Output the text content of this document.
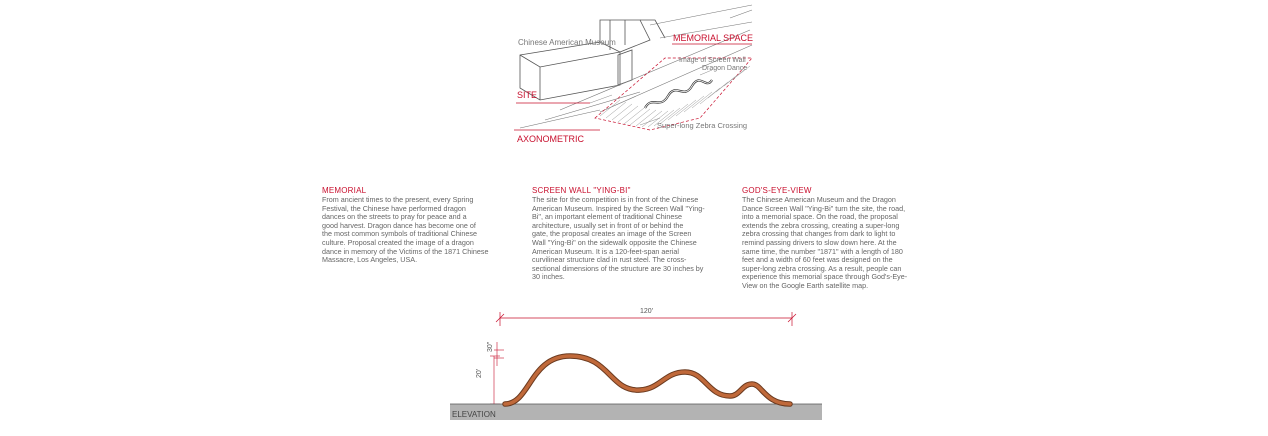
Chinese American Museum	MEMORIAL SPACE
Image of Screen Wall
Dragon Dance
SITE
Super-long Zebra Crossing
AXONOMETRIC
MEMORIAL
From ancient times to the present, every Spring
Festival, the Chinese have performed dragon
dances on the streets to pray for peace and a
good harvest. Dragon dance has become one of
the most common symbols of traditional Chinese
culture. Proposal created the image of a dragon
dance in memory of the Victims of the 1871 Chinese
Massacre, Los Angeles, USA.
SCREEN WALL "YING-BI"
The site for the competition is in front of the Chinese
American Museum. Inspired by the Screen Wall "Ying-
Bi", an important element of traditional Chinese
architecture, usually set in front of or behind the
gate, the proposal creates an image of the Screen
Wall "Ying-Bi" on the sidewalk opposite the Chinese
American Museum. It is a 120-feet-span aerial
curvilinear structure clad in rust steel. The cross-
sectional dimensions of the structure are 30 inches by
30 inches.
GOD'S-EYE-VIEW
The Chinese American Museum and the Dragon
Dance Screen Wall "Ying-Bi" turn the site, the road,
into a memorial space. On the road, the proposal
extends the zebra crossing, creating a super-long
zebra crossing that changes from dark to light to
remind passing drivers to slow down here. At the
same time, the number "1871" with a length of 180
feet and a width of 60 feet was designed on the
super-long zebra crossing. As a result, people can
experience this memorial space through God's-Eye-
View on the Google Earth satellite map.
120'
20'
30"
ELEVATION
